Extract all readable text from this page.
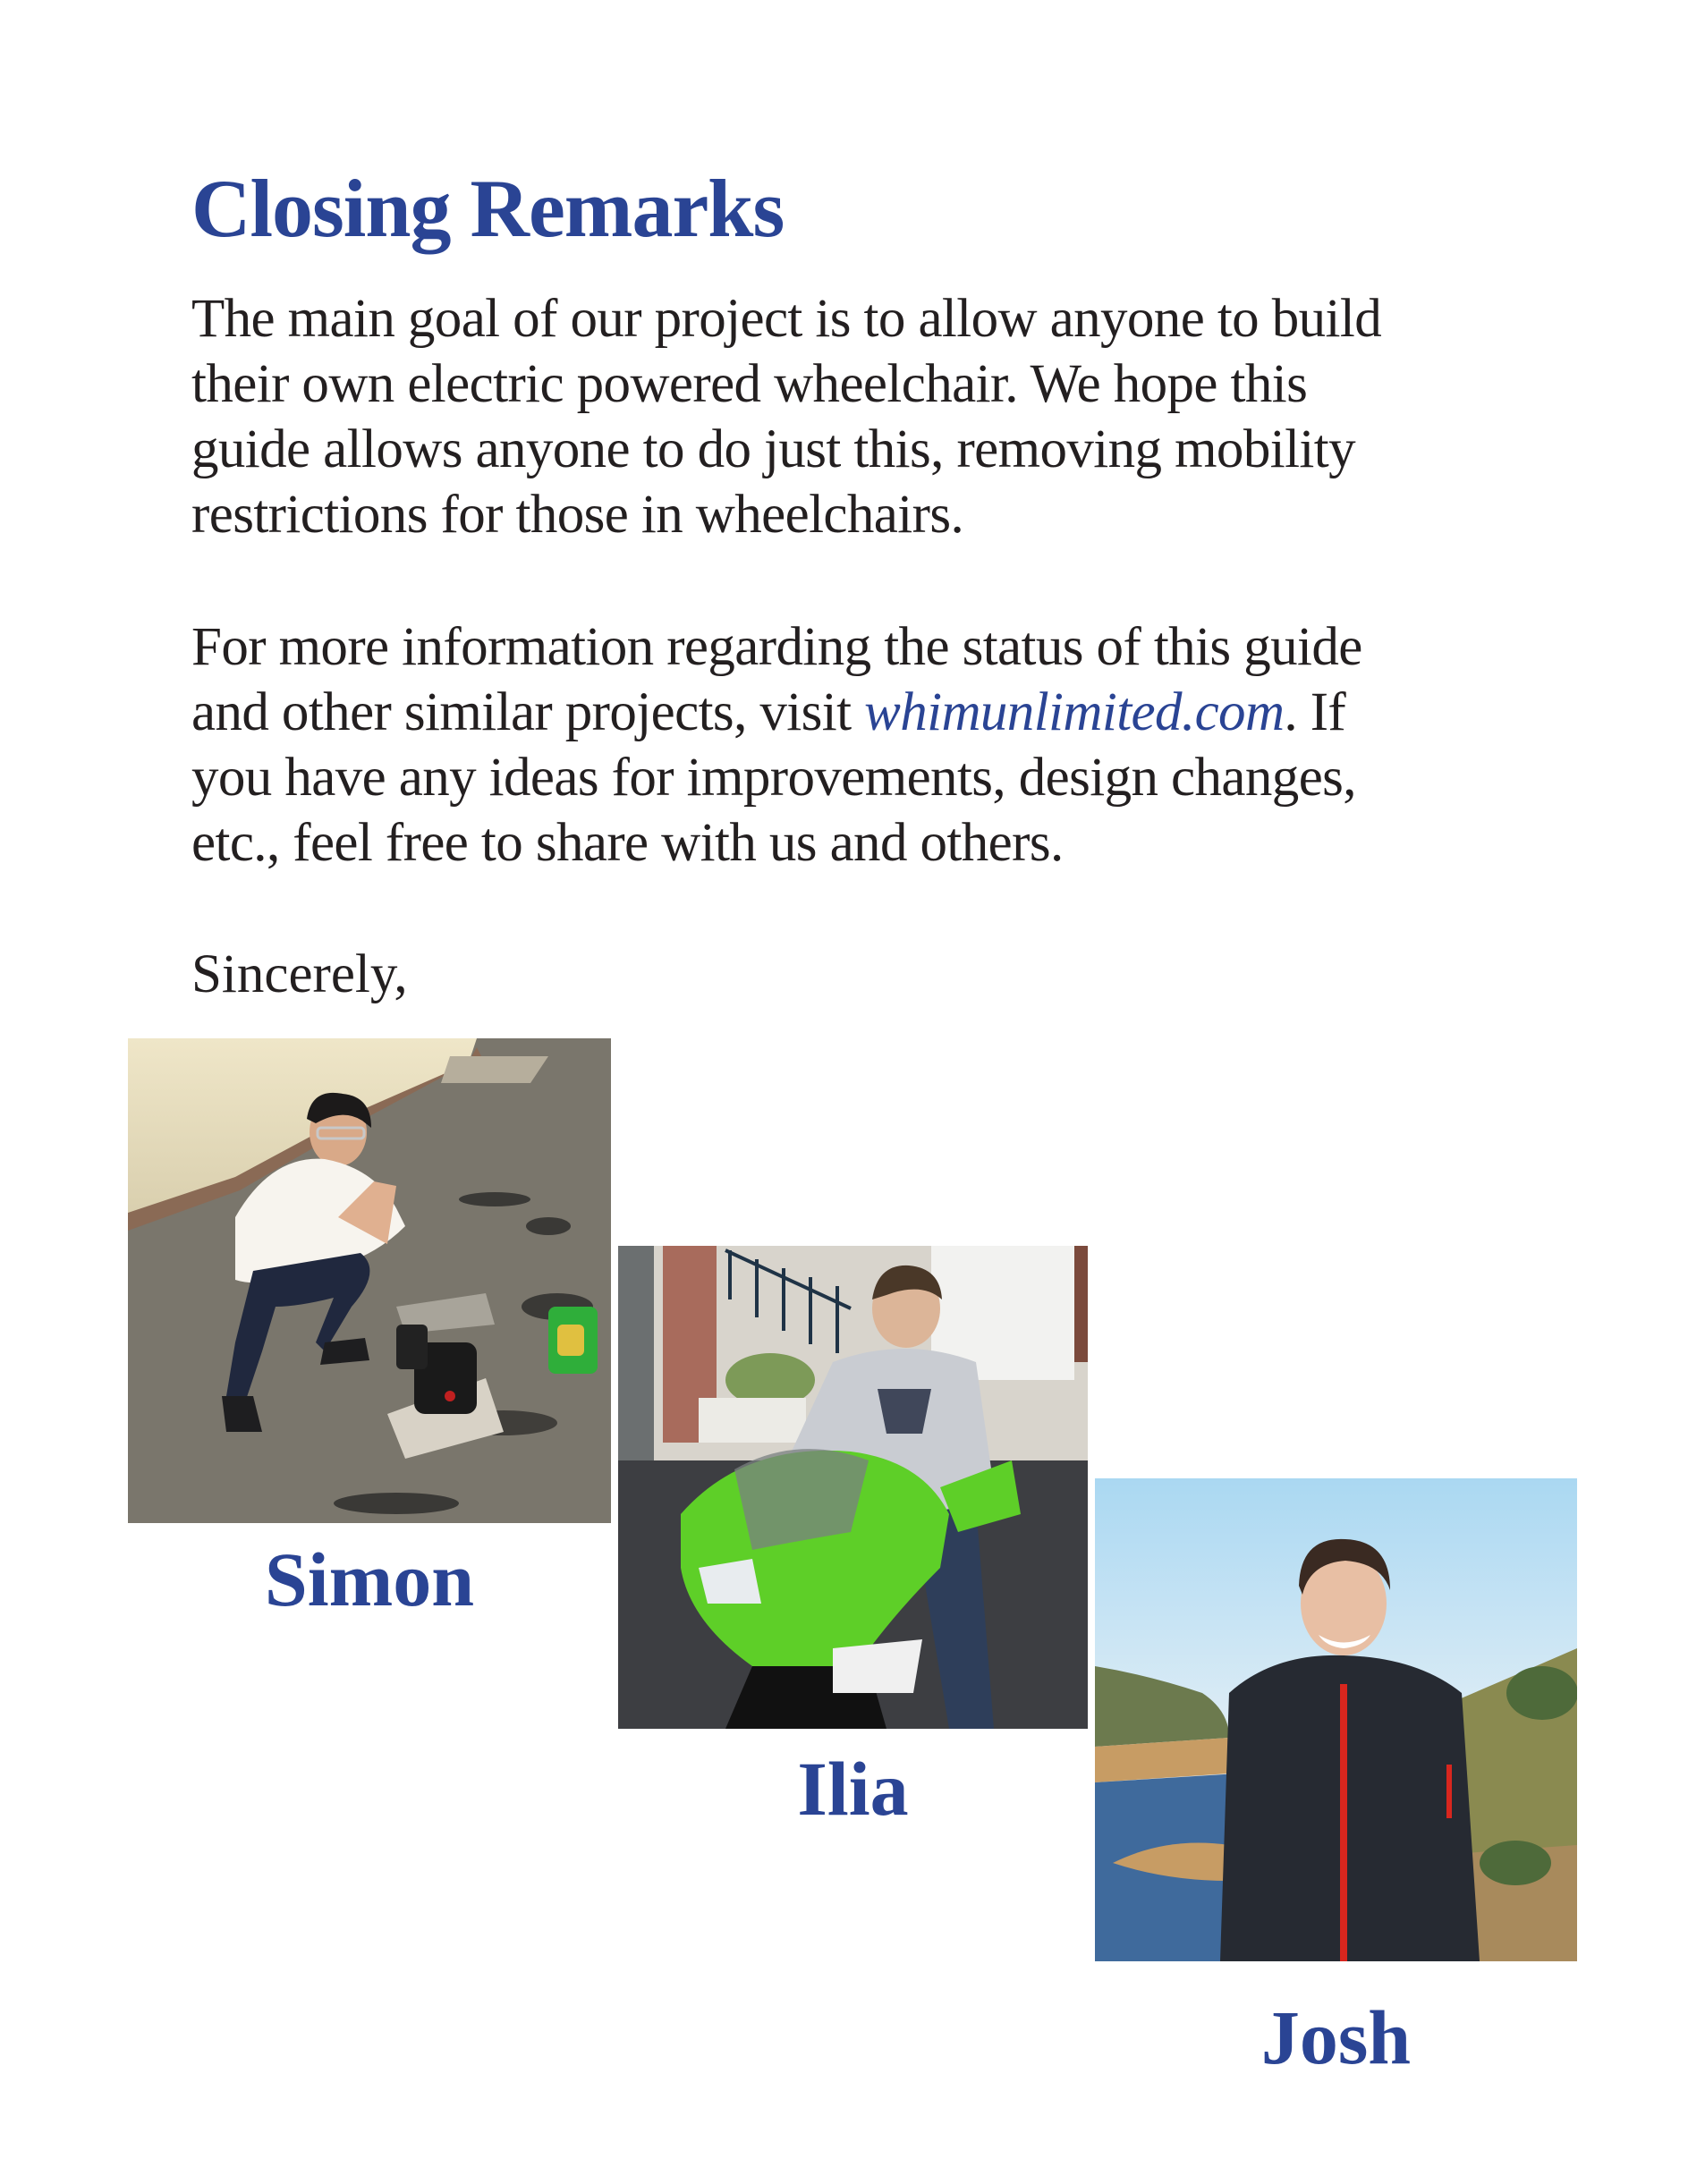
Closing Remarks

The main goal of our project is to allow anyone to build
their own electric powered wheelchair. We hope this
guide allows anyone to do just this, removing mobility
restrictions for those in wheelchairs.

For more information regarding the status of this guide
and other similar projects, visit whimunlimited.com. If
you have any ideas for improvements, design changes,
etc., feel free to share with us and others.

Sincerely,

Simon

Ilia

Josh
